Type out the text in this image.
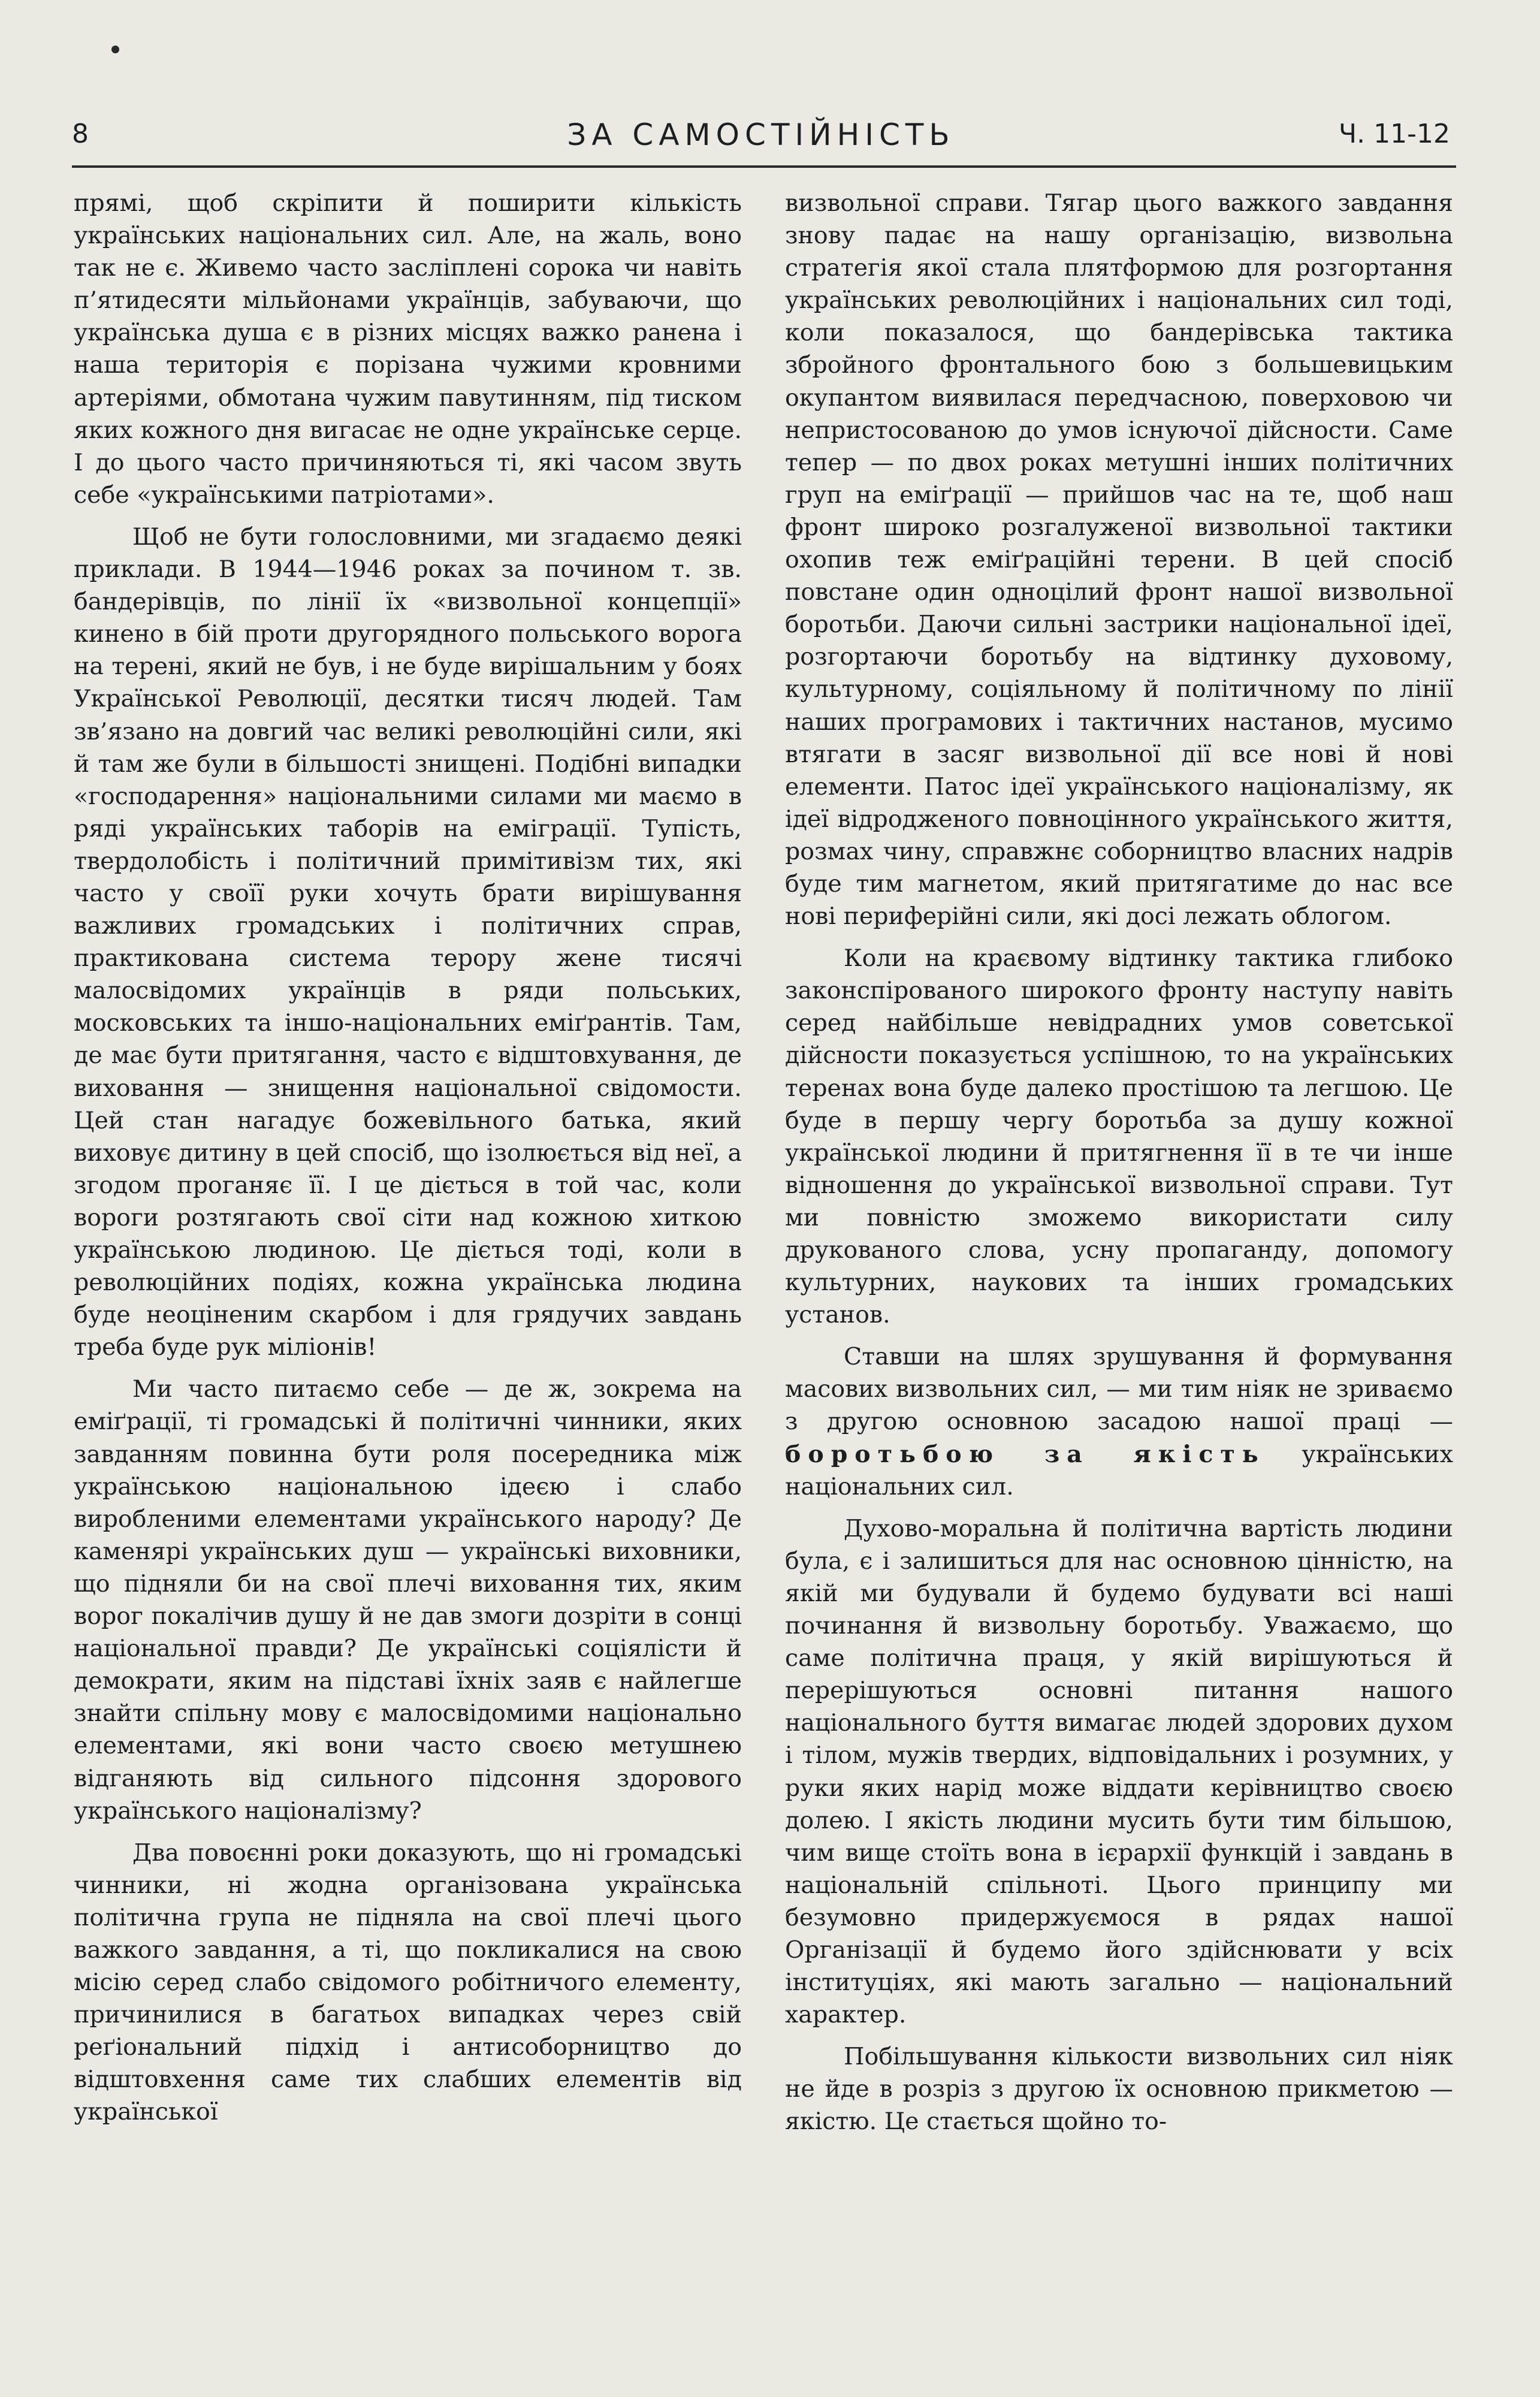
8	ЗА САМОСТІЙНІСТЬ	Ч. 11-12

прямі, щоб скріпити й поширити кількість українських національних сил. Але, на жаль, воно так не є. Живемо часто засліплені сорока чи навіть п’ятидесяти мільйонами українців, забуваючи, що українська душа є в різних місцях важко ранена і наша територія є порізана чужими кровними артеріями, обмотана чужим павутинням, під тиском яких кожного дня вигасає не одне українське серце. І до цього часто причиняються ті, які часом звуть себе «українськими патріотами».

Щоб не бути голословними, ми згадаємо деякі приклади. В 1944—1946 роках за почином т. зв. бандерівців, по лінії їх «визвольної концепції» кинено в бій проти другорядного польського ворога на терені, який не був, і не буде вирішальним у боях Української Революції, десятки тисяч людей. Там зв’язано на довгий час великі революційні сили, які й там же були в більшості знищені. Подібні випадки «господарення» національними силами ми маємо в ряді українських таборів на еміграції. Тупість, твердолобість і політичний примітивізм тих, які часто у своїї руки хочуть брати вирішування важливих громадських і політичних справ, практикована система терору жене тисячі малосвідомих українців в ряди польських, московських та іншо-національних еміґрантів. Там, де має бути притягання, часто є відштовхування, де виховання — знищення національної свідомости. Цей стан нагадує божевільного батька, який виховує дитину в цей спосіб, що ізолюється від неї, а згодом проганяє її. І це діється в той час, коли вороги розтягають свої сіти над кожною хиткою українською людиною. Це діється тоді, коли в революційних подіях, кожна українська людина буде неоціненим скарбом і для грядучих завдань треба буде рук міліонів!

Ми часто питаємо себе — де ж, зокрема на еміґрації, ті громадські й політичні чинники, яких завданням повинна бути роля посередника між українською національною ідеєю і слабо виробленими елементами українського народу? Де каменярі українських душ — українські виховники, що підняли би на свої плечі виховання тих, яким ворог покалічив душу й не дав змоги дозріти в сонці національної правди? Де українські соціялісти й демократи, яким на підставі їхніх заяв є найлегше знайти спільну мову є малосвідомими національно елементами, які вони часто своєю метушнею відганяють від сильного підсоння здорового українського націоналізму?

Два повоєнні роки доказують, що ні громадські чинники, ні жодна організована українська політична група не підняла на свої плечі цього важкого завдання, а ті, що покликалися на свою місію серед слабо свідомого робітничого елементу, причинилися в багатьох випадках через свій реґіональний підхід і антисоборництво до відштовхення саме тих слабших елементів від української

визвольної справи. Тягар цього важкого завдання знову падає на нашу організацію, визвольна стратегія якої стала плятформою для розгортання українських революційних і національних сил тоді, коли показалося, що бандерівська тактика збройного фронтального бою з большевицьким окупантом виявилася передчасною, поверховою чи непристосованою до умов існуючої дійсности. Саме тепер — по двох роках метушні інших політичних груп на еміґрації — прийшов час на те, щоб наш фронт широко розгалуженої визвольної тактики охопив теж еміґраційні терени. В цей спосіб повстане один одноцілий фронт нашої визвольної боротьби. Даючи сильні застрики національної ідеї, розгортаючи боротьбу на відтинку духовому, культурному, соціяльному й політичному по лінії наших програмових і тактичних настанов, мусимо втягати в засяг визвольної дії все нові й нові елементи. Патос ідеї українського націоналізму, як ідеї відродженого повноцінного українського життя, розмах чину, справжнє соборництво власних надрів буде тим магнетом, який притягатиме до нас все нові периферійні сили, які досі лежать облогом.

Коли на краєвому відтинку тактика глибоко законспірованого широкого фронту наступу навіть серед найбільше невідрадних умов советської дійсности показується успішною, то на українських теренах вона буде далеко простішою та легшою. Це буде в першу чергу боротьба за душу кожної української людини й притягнення її в те чи інше відношення до української визвольної справи. Тут ми повністю зможемо використати силу друкованого слова, усну пропаганду, допомогу культурних, наукових та інших громадських установ.

Ставши на шлях зрушування й формування масових визвольних сил, — ми тим ніяк не зриваємо з другою основною засадою нашої праці — боротьбою за якість українських національних сил.

Духово-моральна й політична вартість людини була, є і залишиться для нас основною цінністю, на якій ми будували й будемо будувати всі наші починання й визвольну боротьбу. Уважаємо, що саме політична праця, у якій вирішуються й перерішуються основні питання нашого національного буття вимагає людей здорових духом і тілом, мужів твердих, відповідальних і розумних, у руки яких нарід може віддати керівництво своєю долею. І якість людини мусить бути тим більшою, чим вище стоїть вона в ієрархії функцій і завдань в національній спільноті. Цього принципу ми безумовно придержуємося в рядах нашої Організації й будемо його здійснювати у всіх інституціях, які мають загально — національний характер.

Побільшування кількости визвольних сил ніяк не йде в розріз з другою їх основною прикметою — якістю. Це стається щойно то-
